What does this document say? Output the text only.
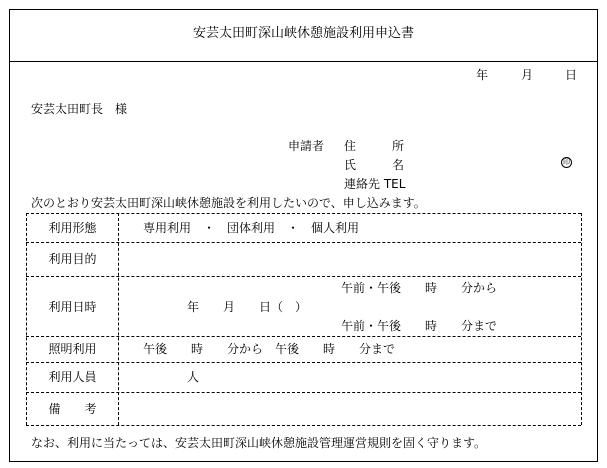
安芸太田町深山峡休憩施設利用申込書
年	月	日
安芸太田町長　様
申請者 住　　　所
氏　　　名	印
連絡先 TEL
次のとおり安芸太田町深山峡休憩施設を利用したいので、申し込みます。
利用形態	専用利用　・　団体利用　・　個人利用
利用目的
利用日時	年　　月　　日（　）
午前・午後　　時　　分から
午前・午後　　時　　分まで
照明利用	午後　　時　　分から　午後　　時　　分まで
利用人員	人
備　　考
なお、利用に当たっては、安芸太田町深山峡休憩施設管理運営規則を固く守ります。
